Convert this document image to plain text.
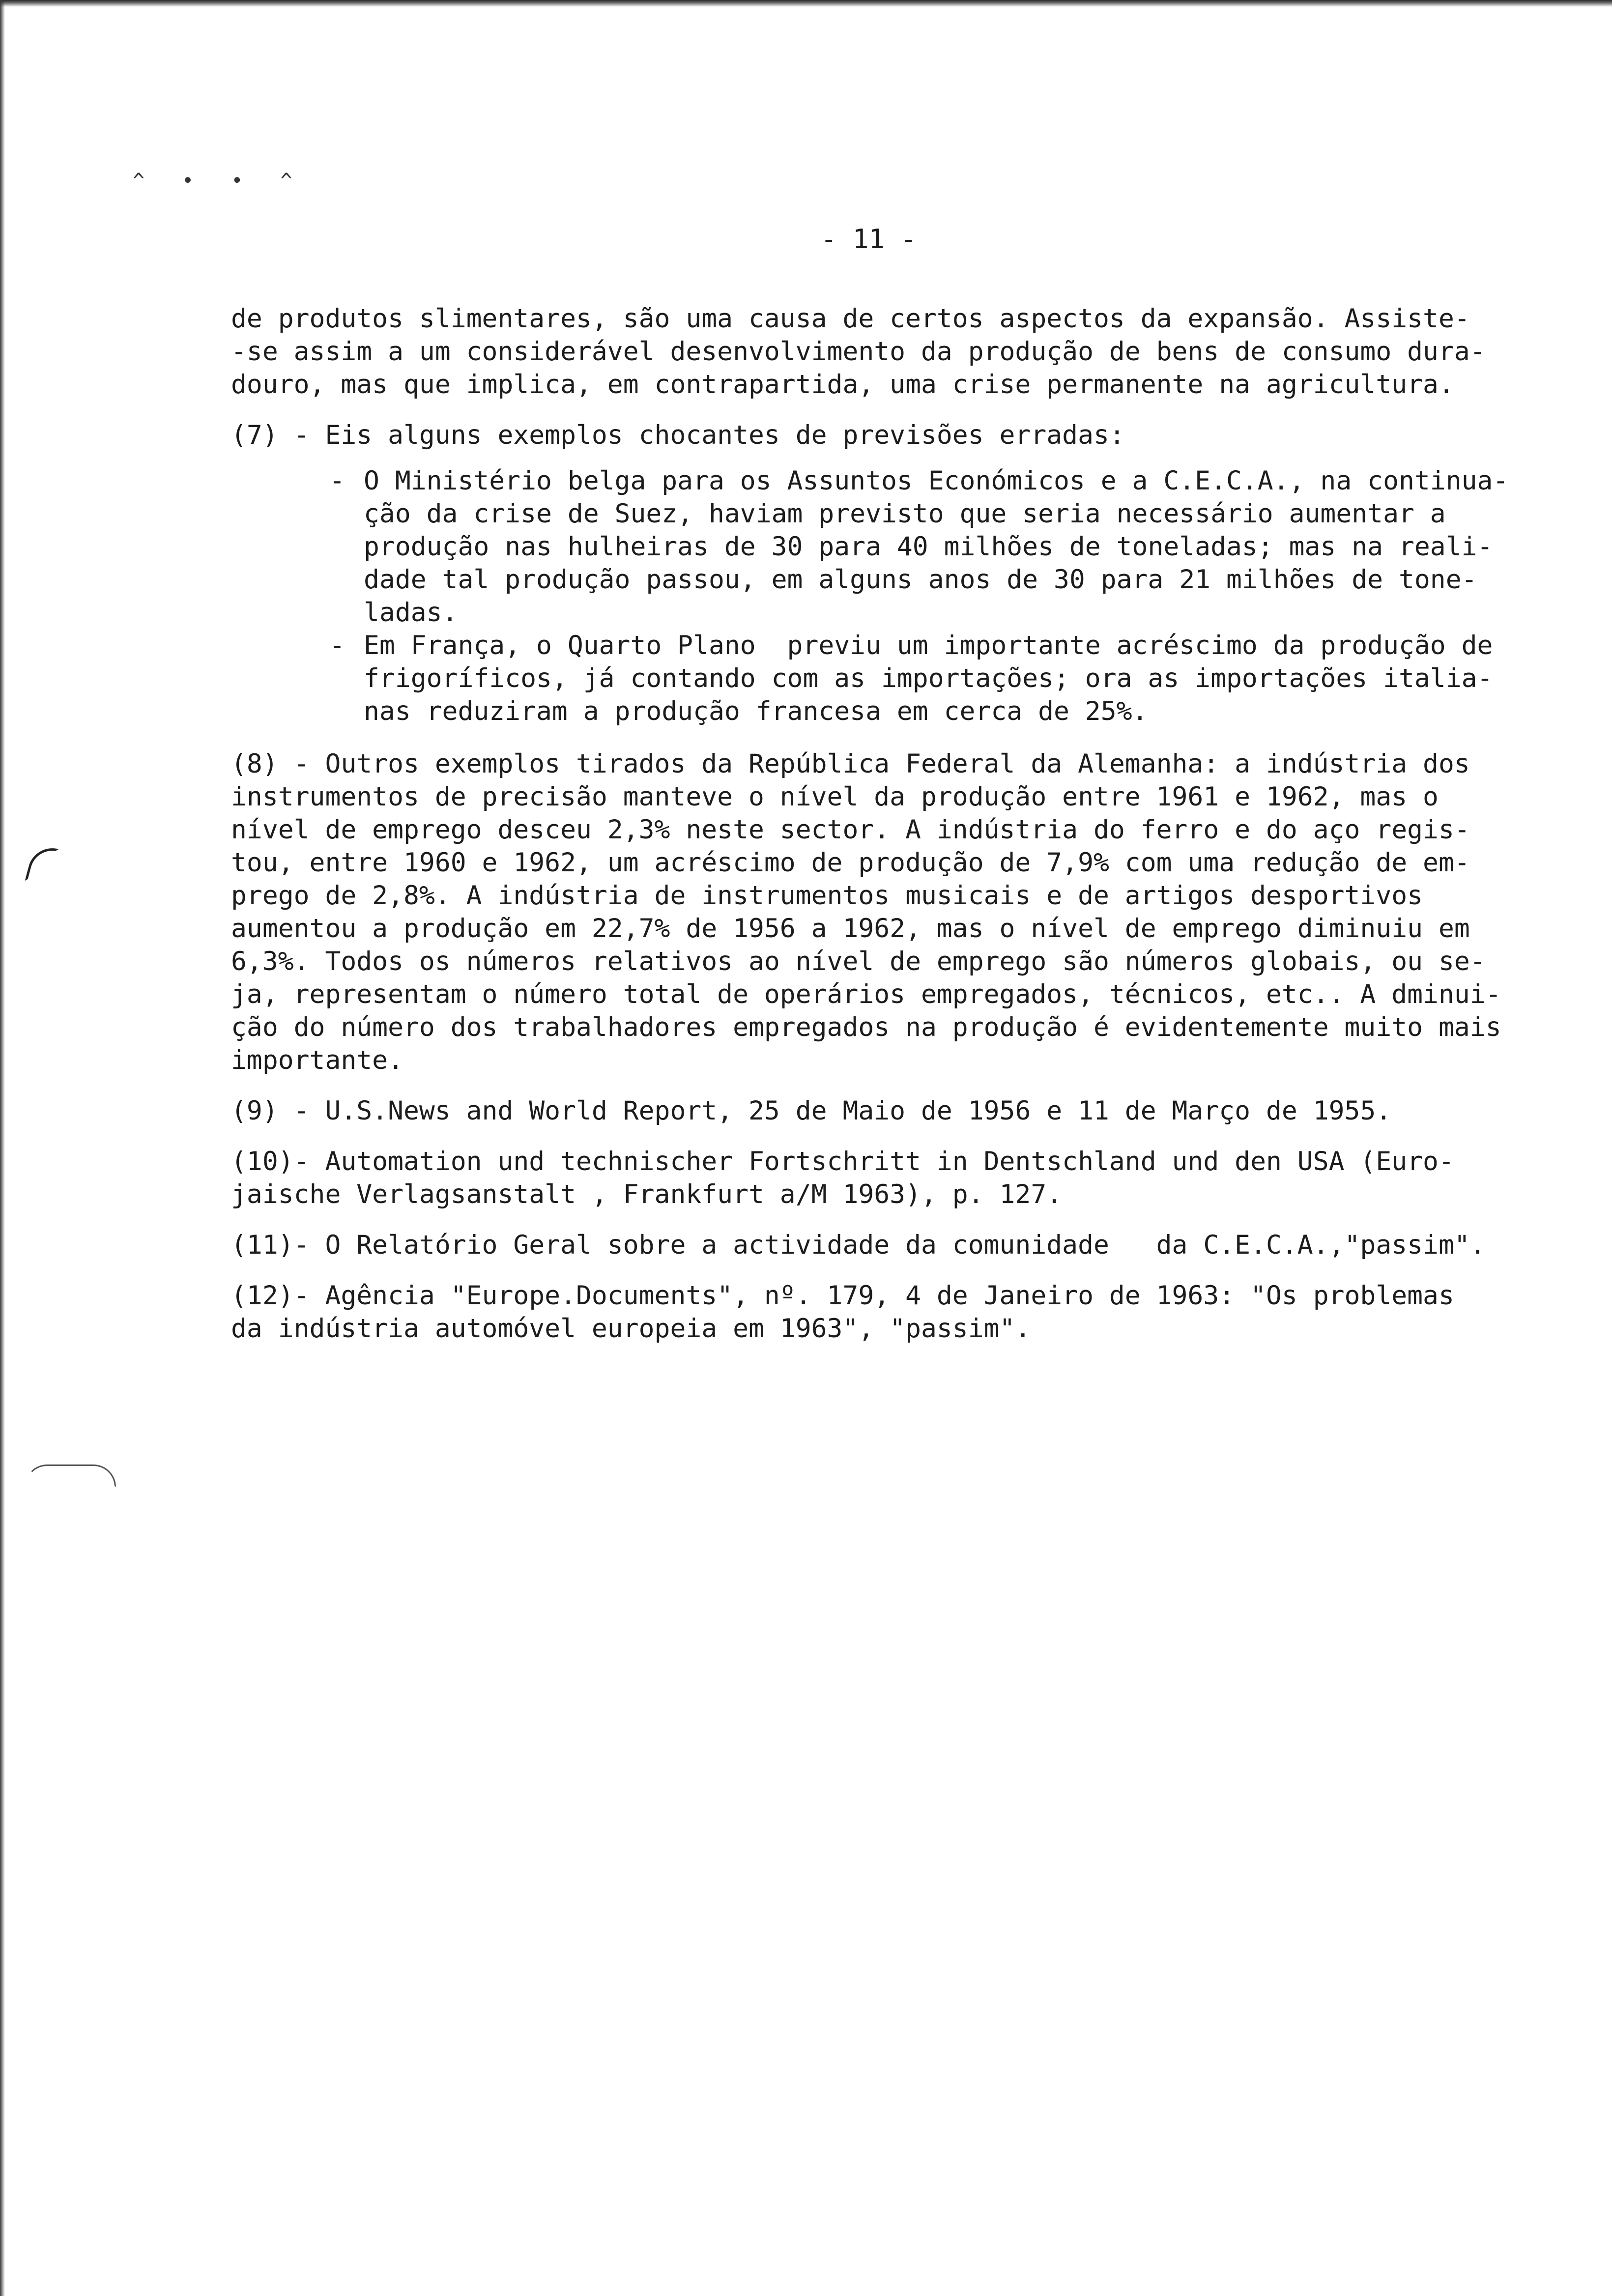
^ • • ^
- 11 -
de produtos slimentares, são uma causa de certos aspectos da expansão. Assiste-
-se assim a um considerável desenvolvimento da produção de bens de consumo dura-
douro, mas que implica, em contrapartida, uma crise permanente na agricultura.
(7) - Eis alguns exemplos chocantes de previsões erradas:
- O Ministério belga para os Assuntos Económicos e a C.E.C.A., na continua-
ção da crise de Suez, haviam previsto que seria necessário aumentar a
produção nas hulheiras de 30 para 40 milhões de toneladas; mas na reali-
dade tal produção passou, em alguns anos de 30 para 21 milhões de tone-
ladas.
- Em França, o Quarto Plano  previu um importante acréscimo da produção de
frigoríficos, já contando com as importações; ora as importações italia-
nas reduziram a produção francesa em cerca de 25%.
(8) - Outros exemplos tirados da República Federal da Alemanha: a indústria dos
instrumentos de precisão manteve o nível da produção entre 1961 e 1962, mas o
nível de emprego desceu 2,3% neste sector. A indústria do ferro e do aço regis-
tou, entre 1960 e 1962, um acréscimo de produção de 7,9% com uma redução de em-
prego de 2,8%. A indústria de instrumentos musicais e de artigos desportivos
aumentou a produção em 22,7% de 1956 a 1962, mas o nível de emprego diminuiu em
6,3%. Todos os números relativos ao nível de emprego são números globais, ou se-
ja, representam o número total de operários empregados, técnicos, etc.. A dminui-
ção do número dos trabalhadores empregados na produção é evidentemente muito mais
importante.
(9) - U.S.News and World Report, 25 de Maio de 1956 e 11 de Março de 1955.
(10)- Automation und technischer Fortschritt in Dentschland und den USA (Euro-
jaische Verlagsanstalt , Frankfurt a/M 1963), p. 127.
(11)- O Relatório Geral sobre a actividade da comunidade   da C.E.C.A.,"passim".
(12)- Agência "Europe.Documents", nº. 179, 4 de Janeiro de 1963: "Os problemas
da indústria automóvel europeia em 1963", "passim".
